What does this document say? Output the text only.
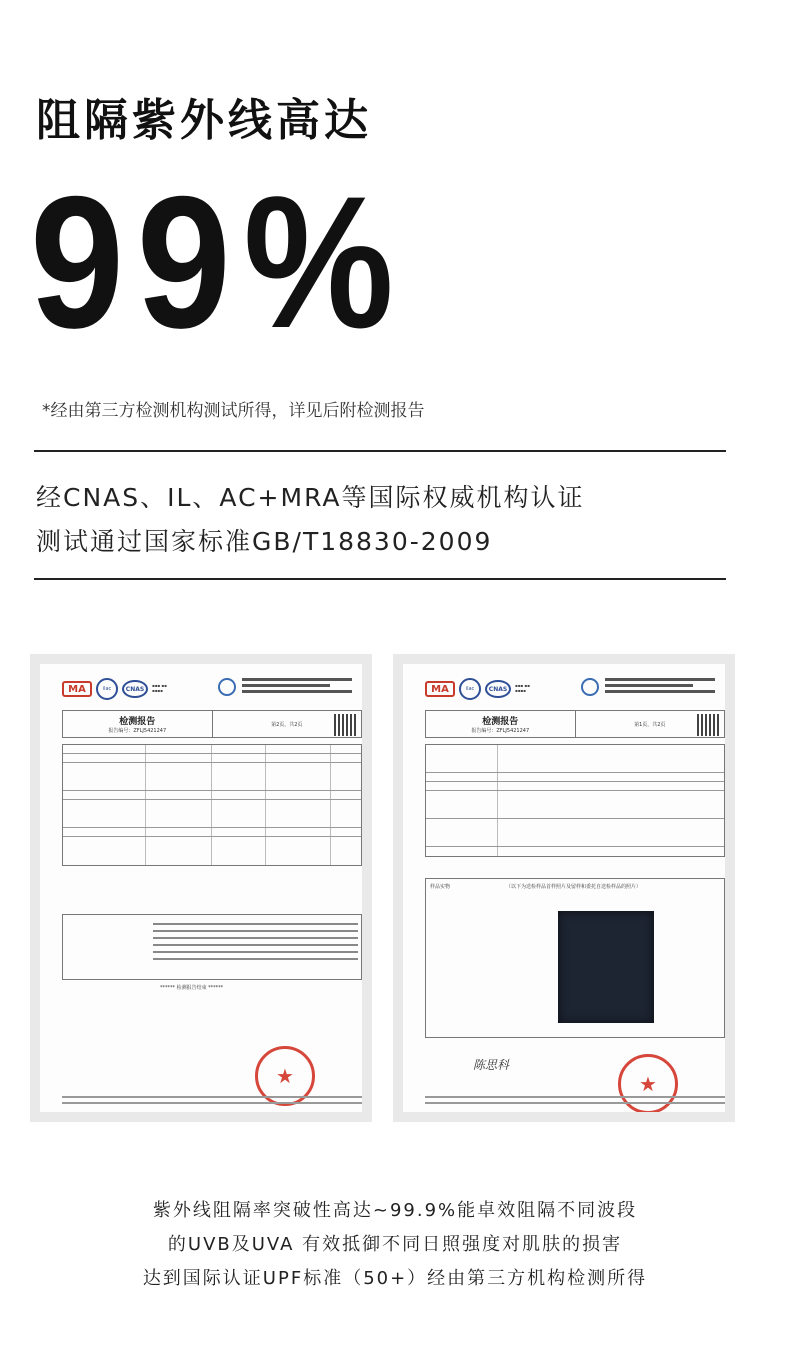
阻隔紫外线高达
99%
*经由第三方检测机构测试所得，详见后附检测报告
经CNAS、IL、AC+MRA等国际权威机构认证
测试通过国家标准GB/T18830-2009
MA	ilac	CNAS	▪▪▪ ▪▪ ▪▪▪▪
检测报告
报告编号：ZFLJ5421247
第2页，共2页
****** 检测报告结束 ******
★
MA	ilac	CNAS	▪▪▪ ▪▪ ▪▪▪▪
检测报告
报告编号：ZFLJ5421247
第1页，共2页
样品实物	（以下为送检样品首样照片及留样和委托自送检样品的照片）
陈思科
★
紫外线阻隔率突破性高达~99.9%能卓效阻隔不同波段
的UVB及UVA 有效抵御不同日照强度对肌肤的损害
达到国际认证UPF标准（50+）经由第三方机构检测所得
